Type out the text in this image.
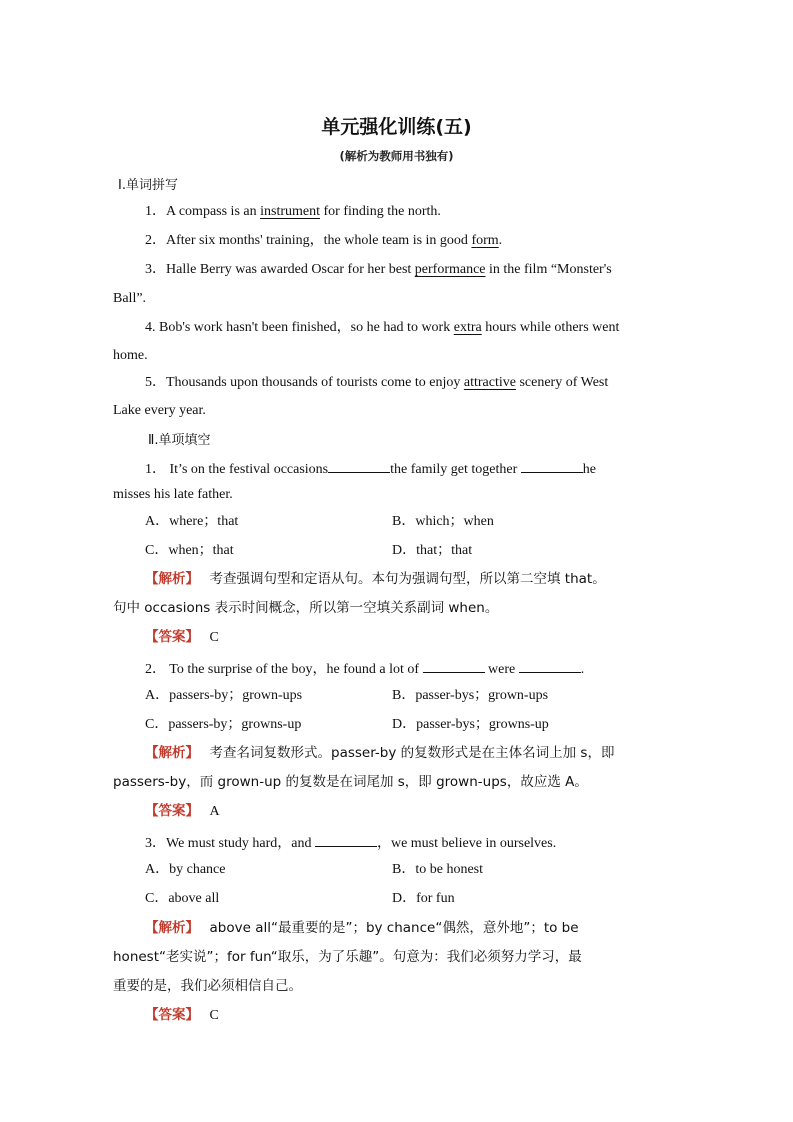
单元强化训练(五)
(解析为教师用书独有)
Ⅰ.单词拼写
1．A compass is an instrument for finding the north.
2．After six months' training，the whole team is in good form.
3．Halle Berry was awarded Oscar for her best performance in the film “Monster's
Ball”.
4. Bob's work hasn't been finished，so he had to work extra hours while others went
home.
5．Thousands upon thousands of tourists come to enjoy attractive scenery of West
Lake every year.
Ⅱ.单项填空
1． It’s on the festival occasions	the family get together	he
misses his late father.
A．where；that	B．which；when
C．when；that	D．that；that
【解析】 考查强调句型和定语从句。本句为强调句型，所以第二空填 that。
句中 occasions 表示时间概念，所以第一空填关系副词 when。
【答案】 C
2． To the surprise of the boy，he found a lot of	were	.
A．passers-by；grown-ups	B．passer-bys；grown-ups
C．passers-by；growns-up	D．passer-bys；growns-up
【解析】 考查名词复数形式。passer-by 的复数形式是在主体名词上加 s，即
passers-by，而 grown-up 的复数是在词尾加 s，即 grown-ups，故应选 A。
【答案】 A
3．We must study hard，and	，we must believe in ourselves.
A．by chance	B．to be honest
C．above all	D．for fun
【解析】 above all“最重要的是”；by chance“偶然，意外地”；to be
honest“老实说”；for fun“取乐，为了乐趣”。句意为：我们必须努力学习，最
重要的是，我们必须相信自己。
【答案】 C
